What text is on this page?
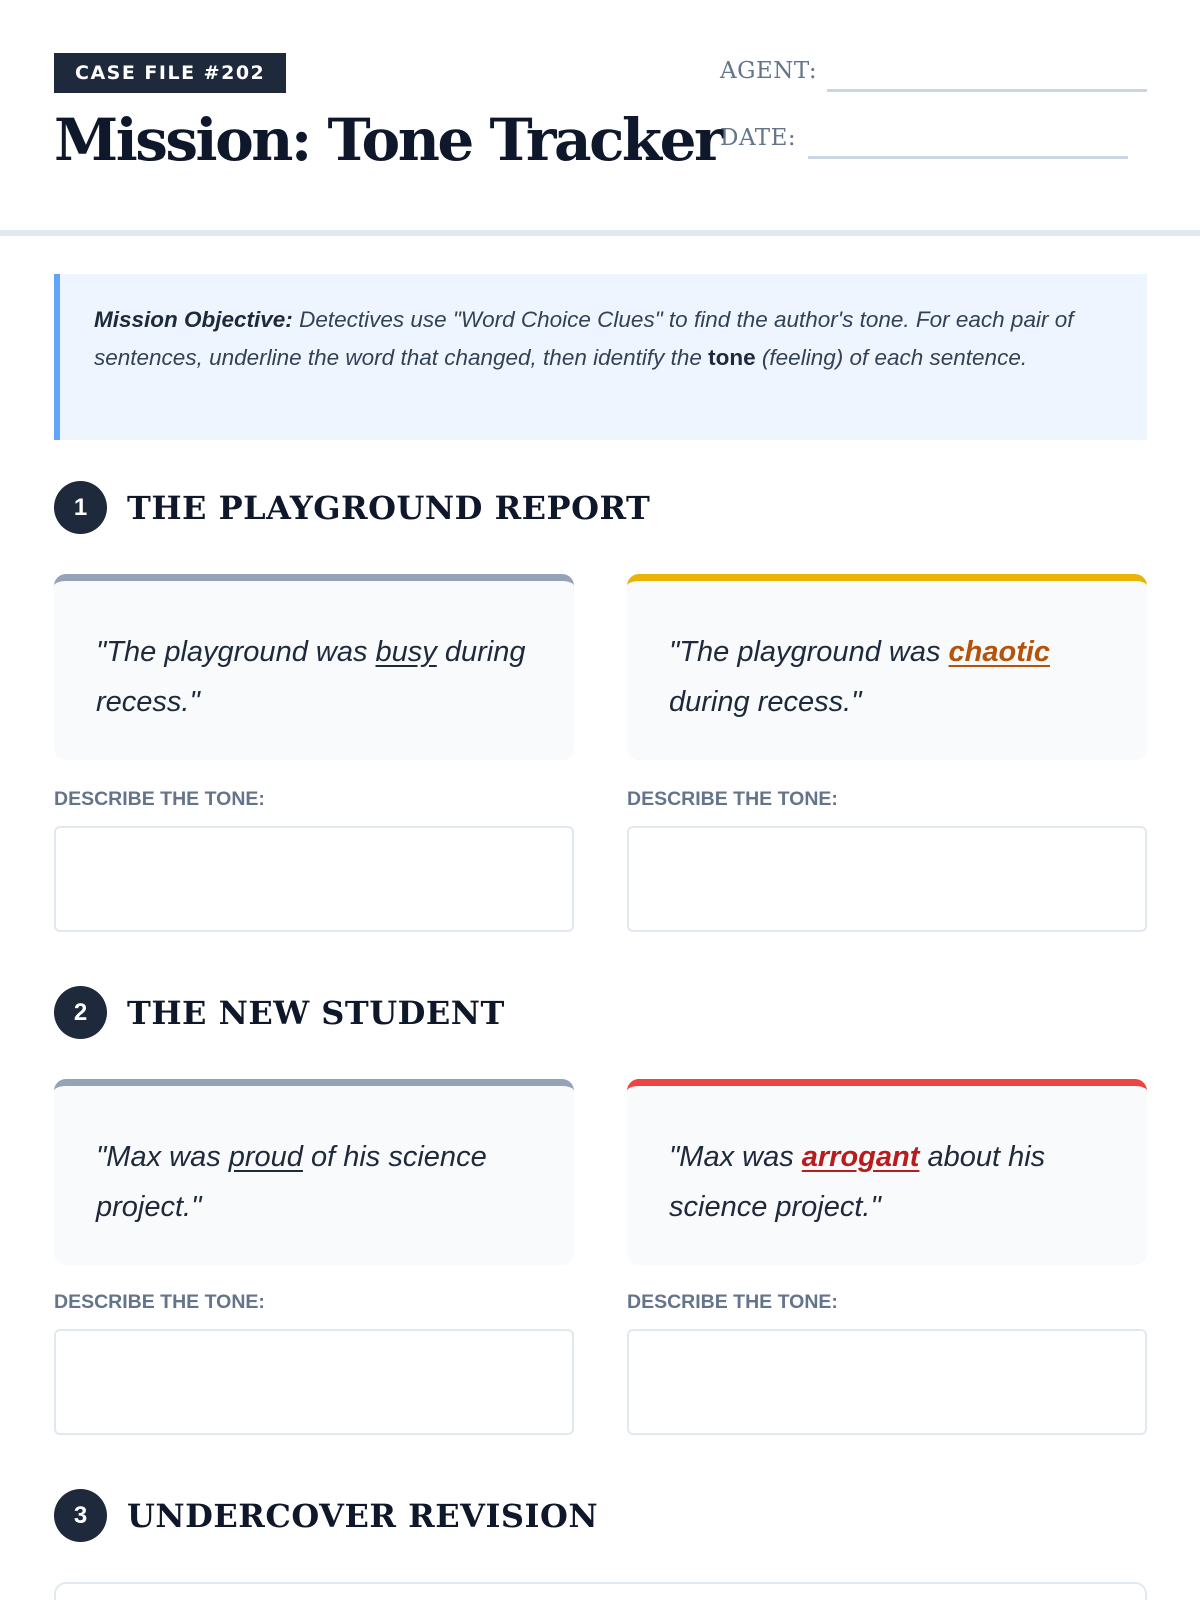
CASE FILE #202
Mission: Tone Tracker
AGENT:
DATE:
Mission Objective: Detectives use "Word Choice Clues" to find the author's tone. For each pair of sentences, underline the word that changed, then identify the tone (feeling) of each sentence.
1	THE PLAYGROUND REPORT
"The playground was busy during recess."
"The playground was chaotic during recess."
DESCRIBE THE TONE:	DESCRIBE THE TONE:
2	THE NEW STUDENT
"Max was proud of his science project."
"Max was arrogant about his science project."
DESCRIBE THE TONE:	DESCRIBE THE TONE:
3	UNDERCOVER REVISION
